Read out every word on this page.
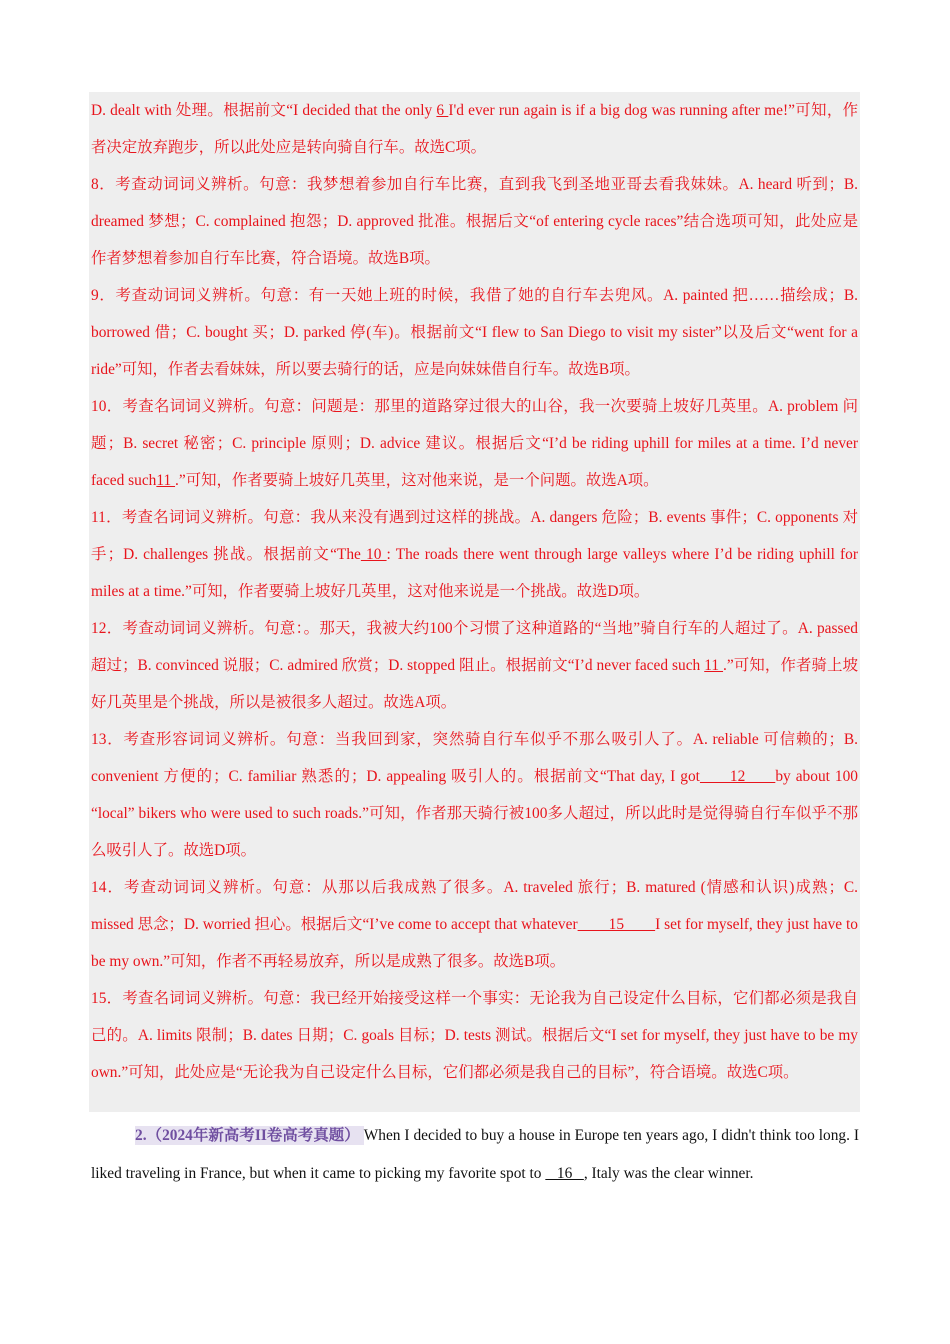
D. dealt with 处理。根据前文“I decided that the only 6 I'd ever run again is if a big dog was running after me!”可知，作者决定放弃跑步，所以此处应是转向骑自行车。故选C项。

8．考查动词词义辨析。句意：我梦想着参加自行车比赛，直到我飞到圣地亚哥去看我妹妹。A. heard 听到；B. dreamed 梦想；C. complained 抱怨；D. approved 批准。根据后文“of entering cycle races”结合选项可知，此处应是作者梦想着参加自行车比赛，符合语境。故选B项。

9．考查动词词义辨析。句意：有一天她上班的时候，我借了她的自行车去兜风。A. painted 把……描绘成；B. borrowed 借；C. bought 买；D. parked 停(车)。根据前文“I flew to San Diego to visit my sister”以及后文“went for a ride”可知，作者去看妹妹，所以要去骑行的话，应是向妹妹借自行车。故选B项。

10．考查名词词义辨析。句意：问题是：那里的道路穿过很大的山谷，我一次要骑上坡好几英里。A. problem 问题；B. secret 秘密；C. principle 原则；D. advice 建议。根据后文“I’d be riding uphill for miles at a time. I’d never faced such11 .”可知，作者要骑上坡好几英里，这对他来说，是一个问题。故选A项。

11．考查名词词义辨析。句意：我从来没有遇到过这样的挑战。A. dangers 危险；B. events 事件；C. opponents 对手；D. challenges 挑战。根据前文“The 10 : The roads there went through large valleys where I’d be riding uphill for miles at a time.”可知，作者要骑上坡好几英里，这对他来说是一个挑战。故选D项。

12．考查动词词义辨析。句意：。那天，我被大约100个习惯了这种道路的“当地”骑自行车的人超过了。A. passed 超过；B. convinced 说服；C. admired 欣赏；D. stopped 阻止。根据前文“I’d never faced such 11 .”可知，作者骑上坡好几英里是个挑战，所以是被很多人超过。故选A项。

13．考查形容词词义辨析。句意：当我回到家，突然骑自行车似乎不那么吸引人了。A. reliable 可信赖的；B. convenient 方便的；C. familiar 熟悉的；D. appealing 吸引人的。根据前文“That day, I got      12      by about 100 “local” bikers who were used to such roads.”可知，作者那天骑行被100多人超过，所以此时是觉得骑自行车似乎不那么吸引人了。故选D项。

14．考查动词词义辨析。句意：从那以后我成熟了很多。A. traveled 旅行；B. matured (情感和认识)成熟；C. missed 思念；D. worried 担心。根据后文“I’ve come to accept that whatever        15        I set for myself, they just have to be my own.”可知，作者不再轻易放弃，所以是成熟了很多。故选B项。

15．考查名词词义辨析。句意：我已经开始接受这样一个事实：无论我为自己设定什么目标，它们都必须是我自己的。A. limits 限制；B. dates 日期；C. goals 目标；D. tests 测试。根据后文“I set for myself, they just have to be my own.”可知，此处应是“无论我为自己设定什么目标，它们都必须是我自己的目标”，符合语境。故选C项。

2.（2024年新高考II卷高考真题） When I decided to buy a house in Europe ten years ago, I didn't think too long. I liked traveling in France, but when it came to picking my favorite spot to    16   , Italy was the clear winner.
